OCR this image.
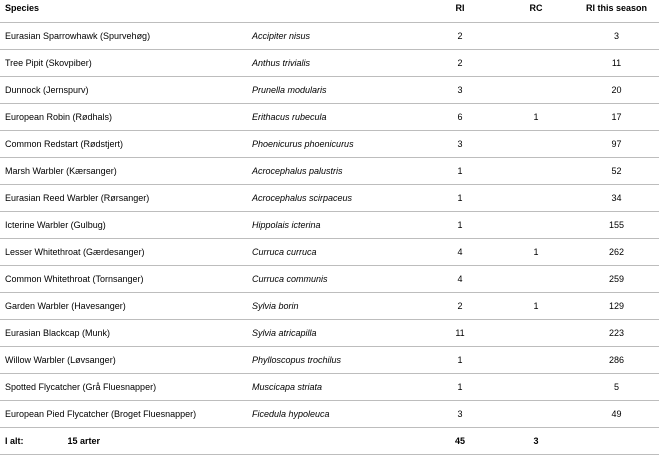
Species		RI	RC	RI this season
Eurasian Sparrowhawk (Spurvehøg)	Accipiter nisus	2		3
Tree Pipit (Skovpiber)	Anthus trivialis	2		11
Dunnock (Jernspurv)	Prunella modularis	3		20
European Robin (Rødhals)	Erithacus rubecula	6	1	17
Common Redstart (Rødstjert)	Phoenicurus phoenicurus	3		97
Marsh Warbler (Kærsanger)	Acrocephalus palustris	1		52
Eurasian Reed Warbler (Rørsanger)	Acrocephalus scirpaceus	1		34
Icterine Warbler (Gulbug)	Hippolais icterina	1		155
Lesser Whitethroat (Gærdesanger)	Curruca curruca	4	1	262
Common Whitethroat (Tornsanger)	Curruca communis	4		259
Garden Warbler (Havesanger)	Sylvia borin	2	1	129
Eurasian Blackcap (Munk)	Sylvia atricapilla	11		223
Willow Warbler (Løvsanger)	Phylloscopus trochilus	1		286
Spotted Flycatcher (Grå Fluesnapper)	Muscicapa striata	1		5
European Pied Flycatcher (Broget Fluesnapper)	Ficedula hypoleuca	3		49
I alt: 15 arter		45	3	
